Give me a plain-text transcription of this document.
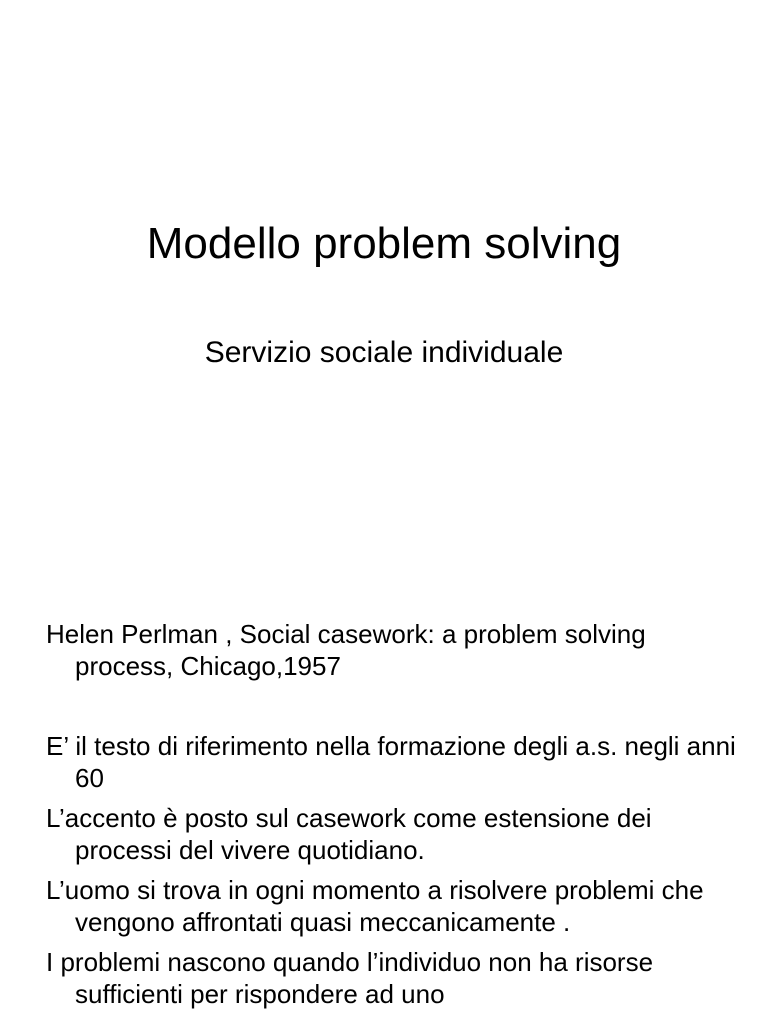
Modello problem solving
Servizio sociale individuale

Helen Perlman , Social casework: a problem solving process, Chicago,1957

E’ il testo di riferimento nella formazione degli a.s. negli anni 60

L’accento è posto sul casework come estensione dei processi del vivere quotidiano.

L’uomo si trova in ogni momento a risolvere problemi che vengono affrontati quasi meccanicamente .

I problemi nascono quando l’individuo non ha risorse sufficienti per rispondere ad uno
